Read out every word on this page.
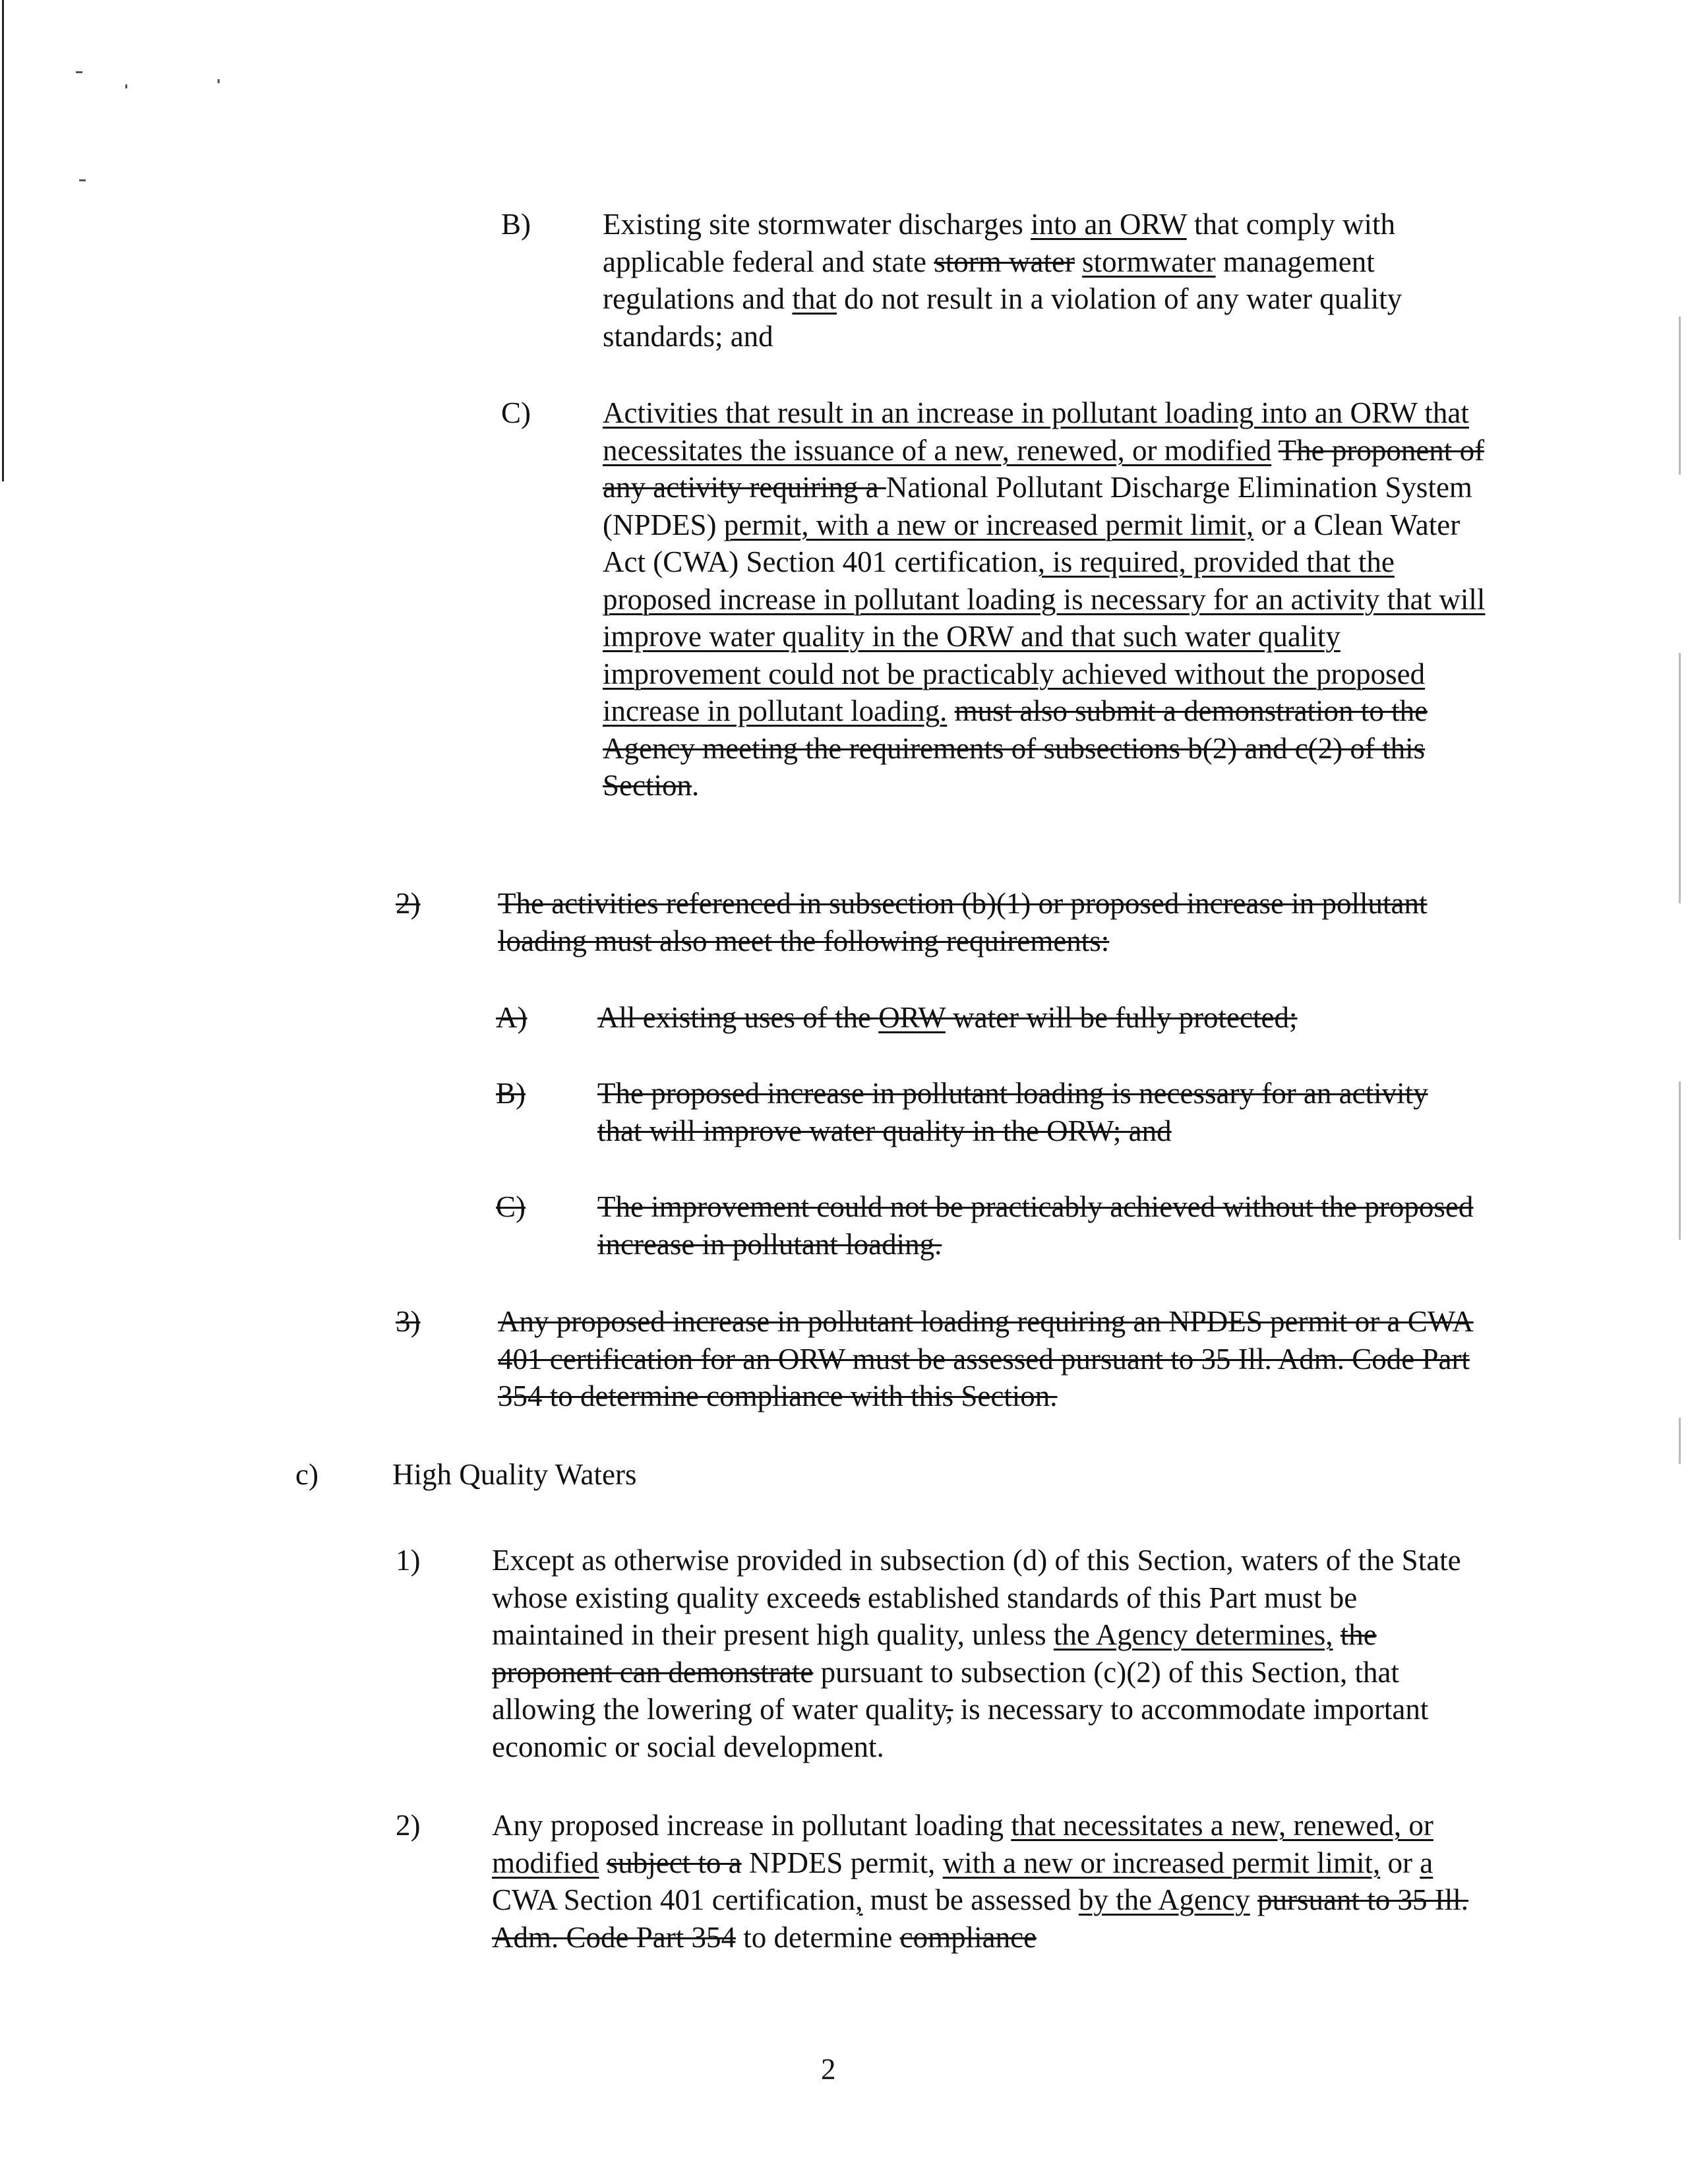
B) Existing site stormwater discharges into an ORW that comply with applicable federal and state storm water stormwater management regulations and that do not result in a violation of any water quality standards; and
C) Activities that result in an increase in pollutant loading into an ORW that necessitates the issuance of a new, renewed, or modified The proponent of any activity requiring a National Pollutant Discharge Elimination System (NPDES) permit, with a new or increased permit limit, or a Clean Water Act (CWA) Section 401 certification, is required, provided that the proposed increase in pollutant loading is necessary for an activity that will improve water quality in the ORW and that such water quality improvement could not be practicably achieved without the proposed increase in pollutant loading. must also submit a demonstration to the Agency meeting the requirements of subsections b(2) and c(2) of this Section.
2)	The activities referenced in subsection (b)(1) or proposed increase in pollutant loading must also meet the following requirements:
A)	All existing uses of the ORW water will be fully protected;
B)	The proposed increase in pollutant loading is necessary for an activity that will improve water quality in the ORW; and
C)	The improvement could not be practicably achieved without the proposed increase in pollutant loading.
3)	Any proposed increase in pollutant loading requiring an NPDES permit or a CWA 401 certification for an ORW must be assessed pursuant to 35 Ill. Adm. Code Part 354 to determine compliance with this Section.
c) High Quality Waters
1) Except as otherwise provided in subsection (d) of this Section, waters of the State whose existing quality exceeds established standards of this Part must be maintained in their present high quality, unless the Agency determines, the proponent can demonstrate pursuant to subsection (c)(2) of this Section, that allowing the lowering of water quality, is necessary to accommodate important economic or social development.
2) Any proposed increase in pollutant loading that necessitates a new, renewed, or modified subject to a NPDES permit, with a new or increased permit limit, or a CWA Section 401 certification, must be assessed by the Agency pursuant to 35 Ill. Adm. Code Part 354 to determine compliance
2
